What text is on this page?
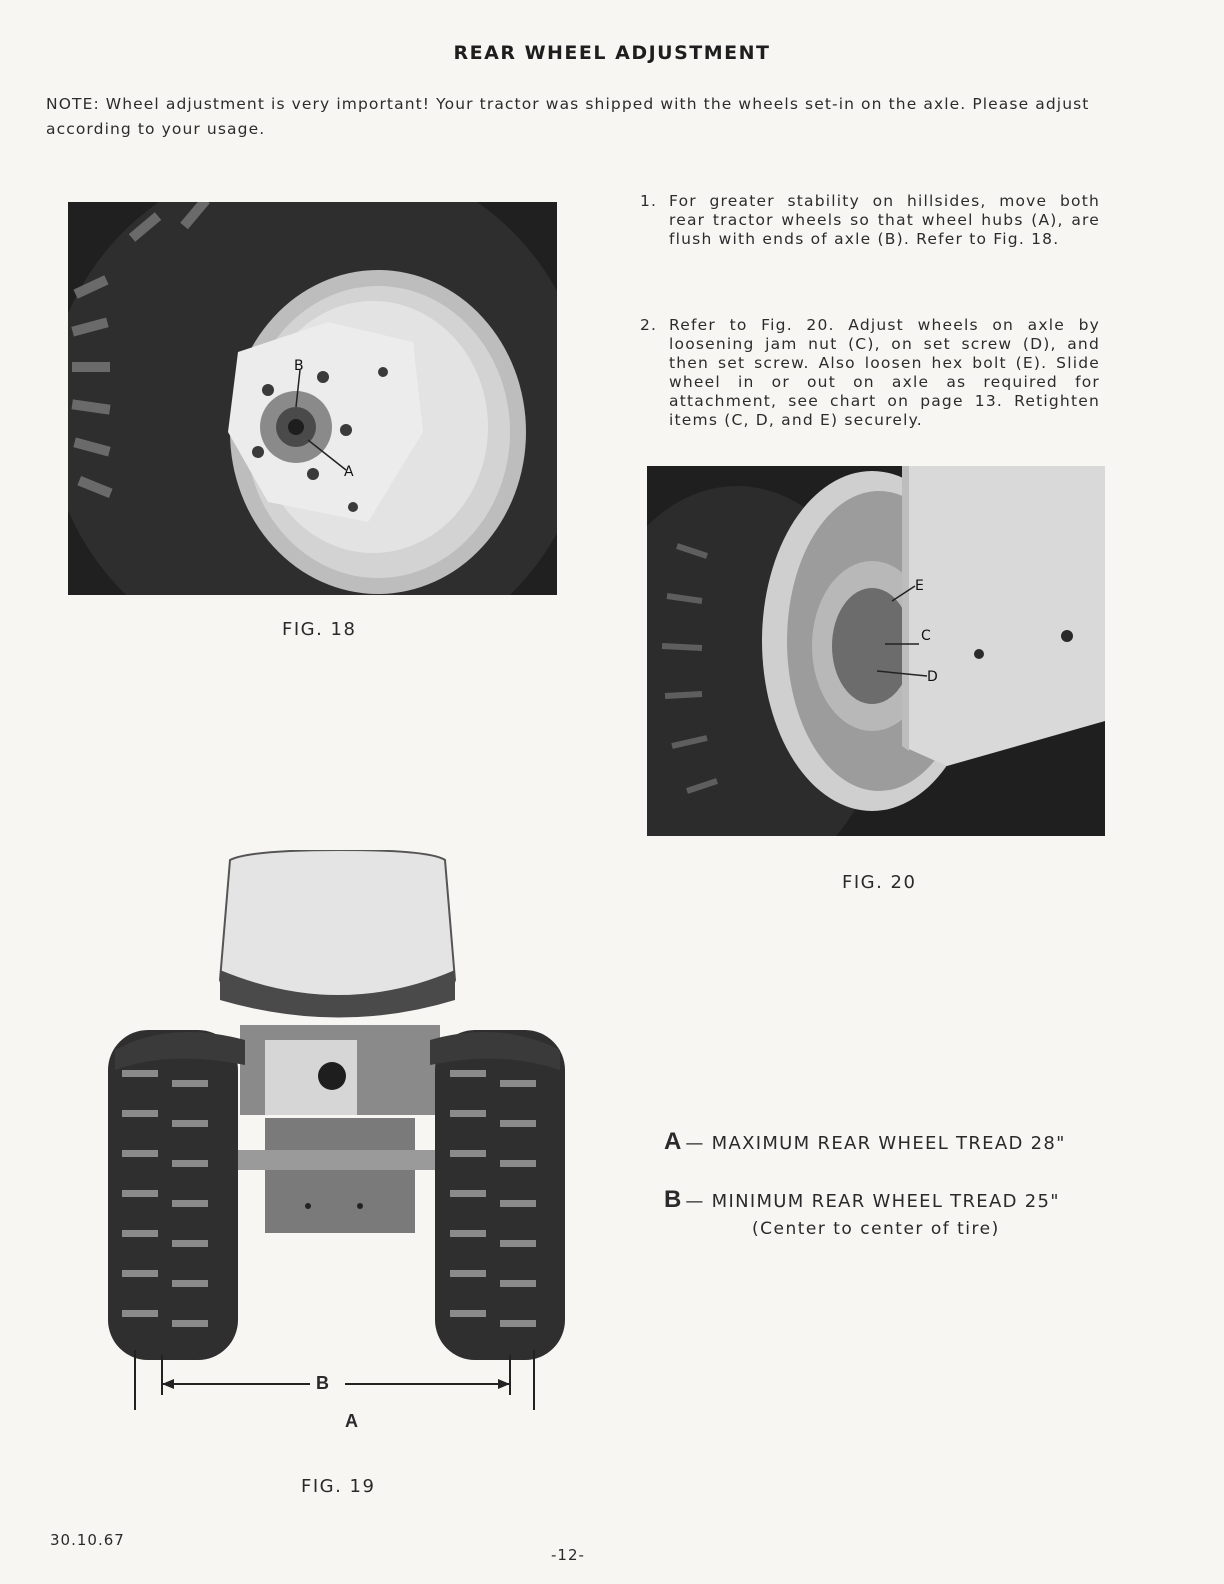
REAR WHEEL ADJUSTMENT
NOTE: Wheel adjustment is very important! Your tractor was shipped with the wheels set-in on the axle. Please adjust according to your usage.
1. For greater stability on hillsides, move both rear tractor wheels so that wheel hubs (A), are flush with ends of axle (B). Refer to Fig. 18.
2. Refer to Fig. 20. Adjust wheels on axle by loosening jam nut (C), on set screw (D), and then set screw. Also loosen hex bolt (E). Slide wheel in or out on axle as required for attachment, see chart on page 13. Retighten items (C, D, and E) securely.
B
A
FIG. 18
E
C
D
FIG. 20
B
A
FIG. 19
A — MAXIMUM REAR WHEEL TREAD 28"
B — MINIMUM REAR WHEEL TREAD 25"
(Center to center of tire)
30.10.67
-12-
